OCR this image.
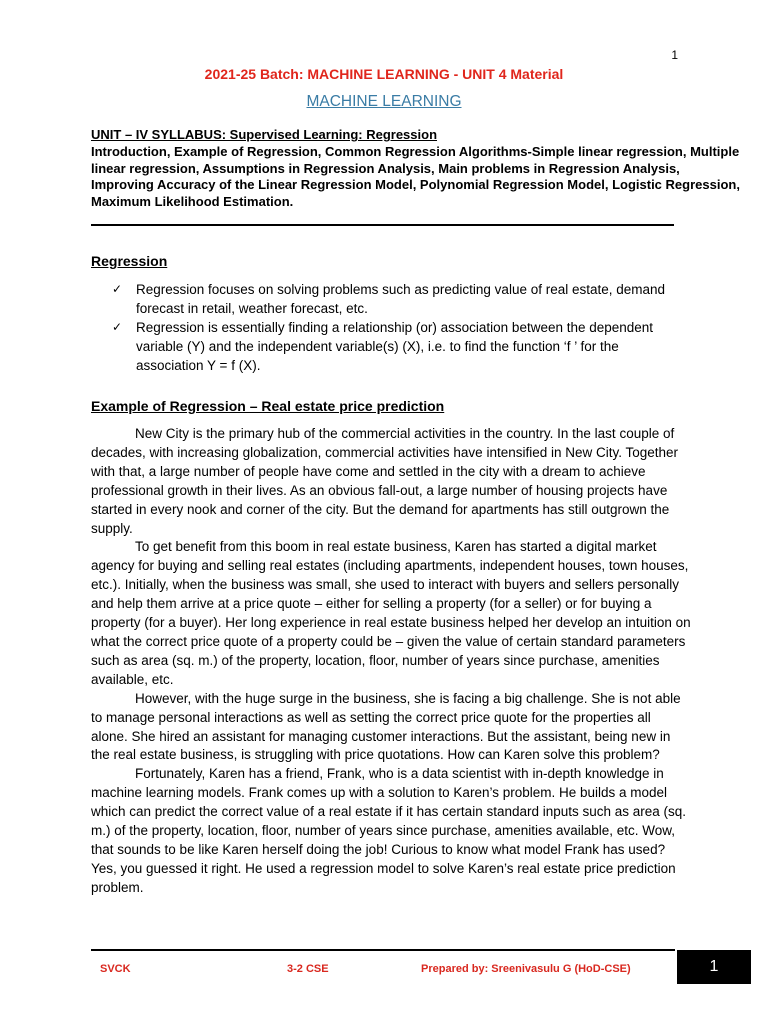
1
2021-25 Batch: MACHINE LEARNING - UNIT 4 Material
MACHINE LEARNING
UNIT – IV SYLLABUS: Supervised Learning: Regression
Introduction, Example of Regression, Common Regression Algorithms-Simple linear regression, Multiple linear regression, Assumptions in Regression Analysis, Main problems in Regression Analysis, Improving Accuracy of the Linear Regression Model, Polynomial Regression Model, Logistic Regression, Maximum Likelihood Estimation.
Regression
✓ Regression focuses on solving problems such as predicting value of real estate, demand forecast in retail, weather forecast, etc.
✓ Regression is essentially finding a relationship (or) association between the dependent variable (Y) and the independent variable(s) (X), i.e. to find the function ‘f ’ for the association Y = f (X).
Example of Regression – Real estate price prediction

New City is the primary hub of the commercial activities in the country. In the last couple of decades, with increasing globalization, commercial activities have intensified in New City. Together with that, a large number of people have come and settled in the city with a dream to achieve professional growth in their lives. As an obvious fall-out, a large number of housing projects have started in every nook and corner of the city. But the demand for apartments has still outgrown the supply.

To get benefit from this boom in real estate business, Karen has started a digital market agency for buying and selling real estates (including apartments, independent houses, town houses, etc.). Initially, when the business was small, she used to interact with buyers and sellers personally and help them arrive at a price quote – either for selling a property (for a seller) or for buying a property (for a buyer). Her long experience in real estate business helped her develop an intuition on what the correct price quote of a property could be – given the value of certain standard parameters such as area (sq. m.) of the property, location, floor, number of years since purchase, amenities available, etc.

However, with the huge surge in the business, she is facing a big challenge. She is not able to manage personal interactions as well as setting the correct price quote for the properties all alone. She hired an assistant for managing customer interactions. But the assistant, being new in the real estate business, is struggling with price quotations. How can Karen solve this problem?

Fortunately, Karen has a friend, Frank, who is a data scientist with in-depth knowledge in machine learning models. Frank comes up with a solution to Karen’s problem. He builds a model which can predict the correct value of a real estate if it has certain standard inputs such as area (sq. m.) of the property, location, floor, number of years since purchase, amenities available, etc. Wow, that sounds to be like Karen herself doing the job! Curious to know what model Frank has used? Yes, you guessed it right. He used a regression model to solve Karen’s real estate price prediction problem.

SVCK	3-2 CSE	Prepared by: Sreenivasulu G (HoD-CSE)	1
